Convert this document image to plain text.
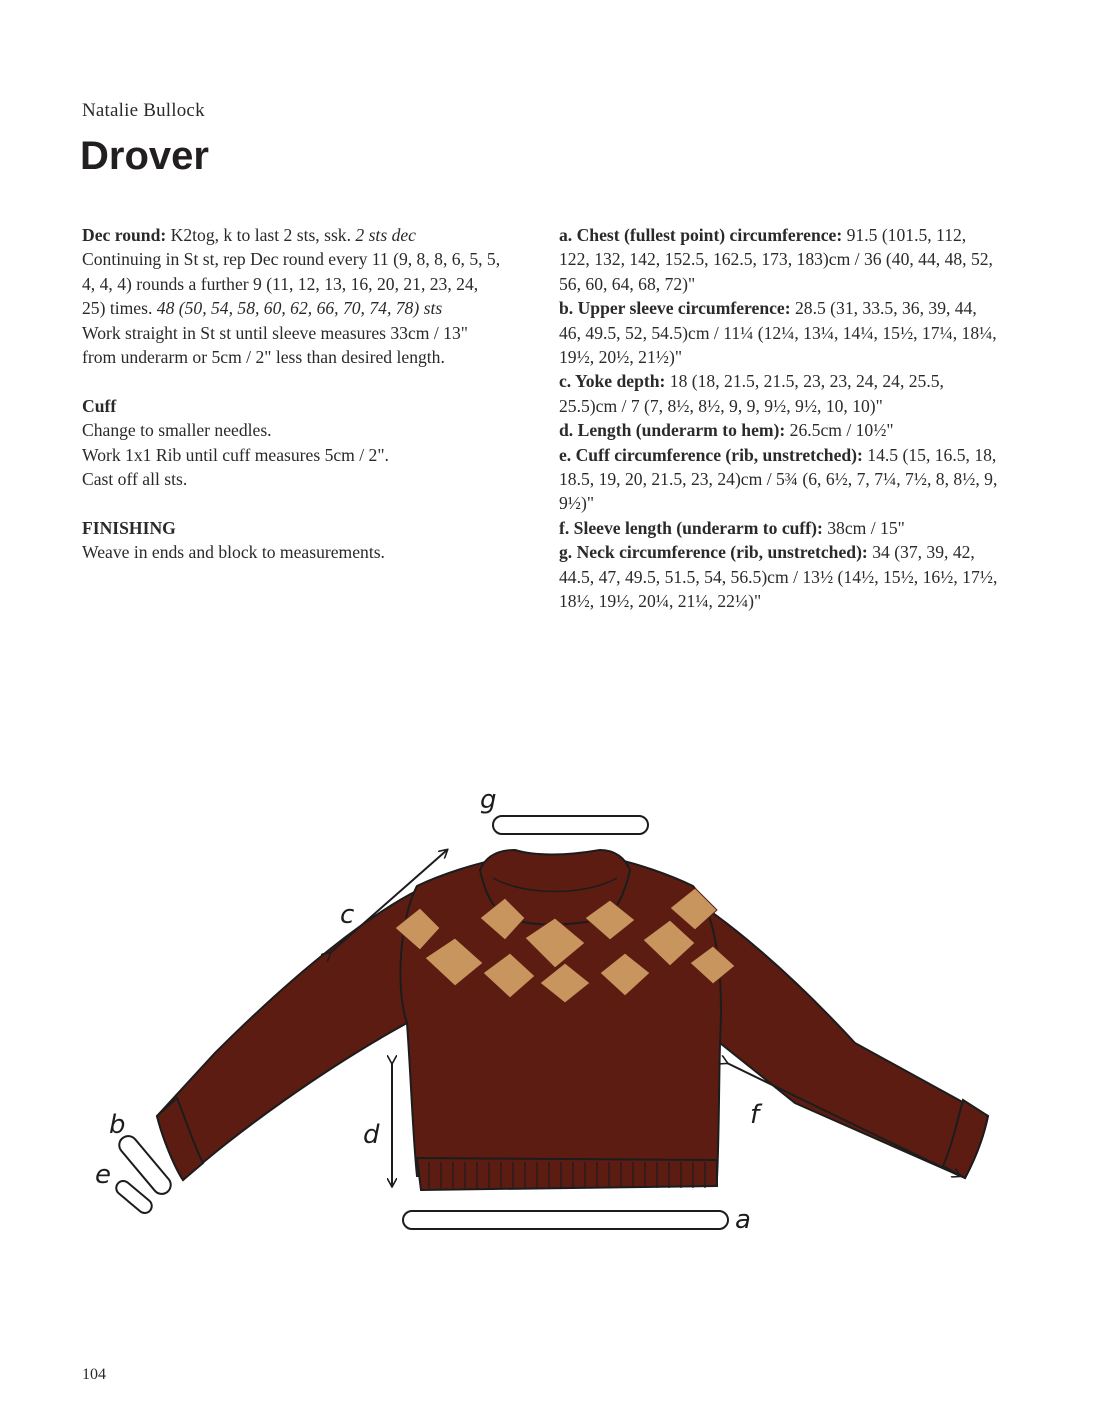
Natalie Bullock
Drover

Dec round: K2tog, k to last 2 sts, ssk. 2 sts dec

Continuing in St st, rep Dec round every 11 (9, 8, 8, 6, 5, 5, 4, 4, 4) rounds a further 9 (11, 12, 13, 16, 20, 21, 23, 24, 25) times. 48 (50, 54, 58, 60, 62, 66, 70, 74, 78) sts

Work straight in St st until sleeve measures 33cm / 13" from underarm or 5cm / 2" less than desired length.

Cuff

Change to smaller needles.

Work 1x1 Rib until cuff measures 5cm / 2".

Cast off all sts.

FINISHING

Weave in ends and block to measurements.

a. Chest (fullest point) circumference: 91.5 (101.5, 112, 122, 132, 142, 152.5, 162.5, 173, 183)cm / 36 (40, 44, 48, 52, 56, 60, 64, 68, 72)"

b. Upper sleeve circumference: 28.5 (31, 33.5, 36, 39, 44, 46, 49.5, 52, 54.5)cm / 11¼ (12¼, 13¼, 14¼, 15½, 17¼, 18¼, 19½, 20½, 21½)"

c. Yoke depth: 18 (18, 21.5, 21.5, 23, 23, 24, 24, 25.5, 25.5)cm / 7 (7, 8½, 8½, 9, 9, 9½, 9½, 10, 10)"

d. Length (underarm to hem): 26.5cm / 10½"

e. Cuff circumference (rib, unstretched): 14.5 (15, 16.5, 18, 18.5, 19, 20, 21.5, 23, 24)cm / 5¾ (6, 6½, 7, 7¼, 7½, 8, 8½, 9, 9½)"

f. Sleeve length (underarm to cuff): 38cm / 15"

g. Neck circumference (rib, unstretched): 34 (37, 39, 42, 44.5, 47, 49.5, 51.5, 54, 56.5)cm / 13½ (14½, 15½, 16½, 17½, 18½, 19½, 20¼, 21¼, 22¼)"

g
c
d
f
a
b
e
104
